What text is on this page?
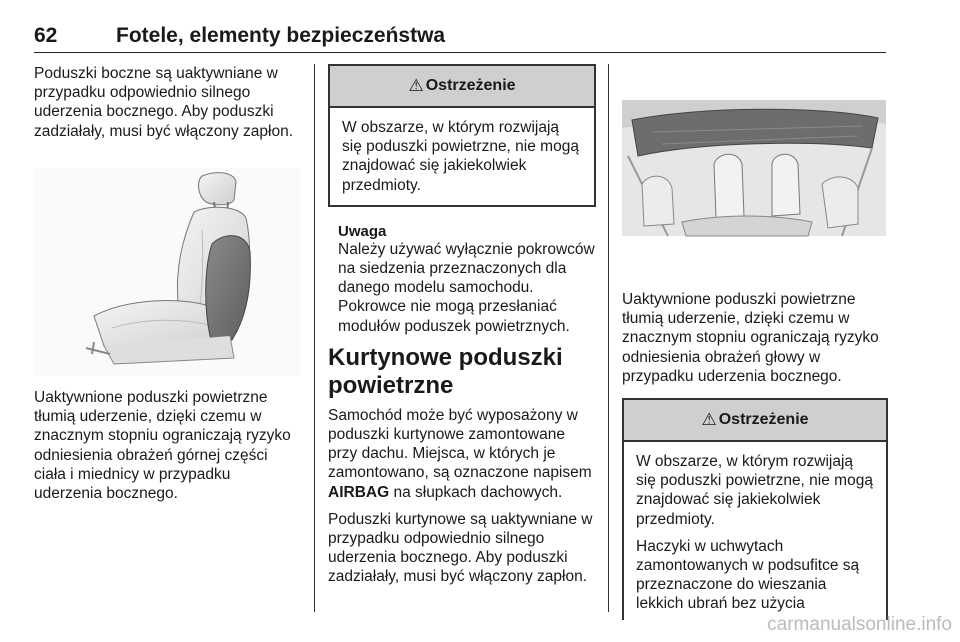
62	Fotele, elementy bezpieczeństwa

Poduszki boczne są uaktywniane w przypadku odpowiednio silnego uderzenia bocznego. Aby poduszki zadziałały, musi być włączony zapłon.

Uaktywnione poduszki powietrzne tłumią uderzenie, dzięki czemu w znacznym stopniu ograniczają ryzyko odniesienia obrażeń górnej części ciała i miednicy w przypadku uderzenia bocznego.

⚠ Ostrzeżenie

W obszarze, w którym rozwijają się poduszki powietrzne, nie mogą znajdować się jakiekolwiek przedmioty.

Uwaga

Należy używać wyłącznie pokrowców na siedzenia przeznaczonych dla danego modelu samochodu. Pokrowce nie mogą przesłaniać modułów poduszek powietrznych.

Kurtynowe poduszki powietrzne

Samochód może być wyposażony w poduszki kurtynowe zamontowane przy dachu. Miejsca, w których je zamontowano, są oznaczone napisem AIRBAG na słupkach dachowych.

Poduszki kurtynowe są uaktywniane w przypadku odpowiednio silnego uderzenia bocznego. Aby poduszki zadziałały, musi być włączony zapłon.

Uaktywnione poduszki powietrzne tłumią uderzenie, dzięki czemu w znacznym stopniu ograniczają ryzyko odniesienia obrażeń głowy w przypadku uderzenia bocznego.

⚠ Ostrzeżenie

W obszarze, w którym rozwijają się poduszki powietrzne, nie mogą znajdować się jakiekolwiek przedmioty.

Haczyki w uchwytach zamontowanych w podsufitce są przeznaczone do wieszania lekkich ubrań bez użycia

carmanualsonline.info
